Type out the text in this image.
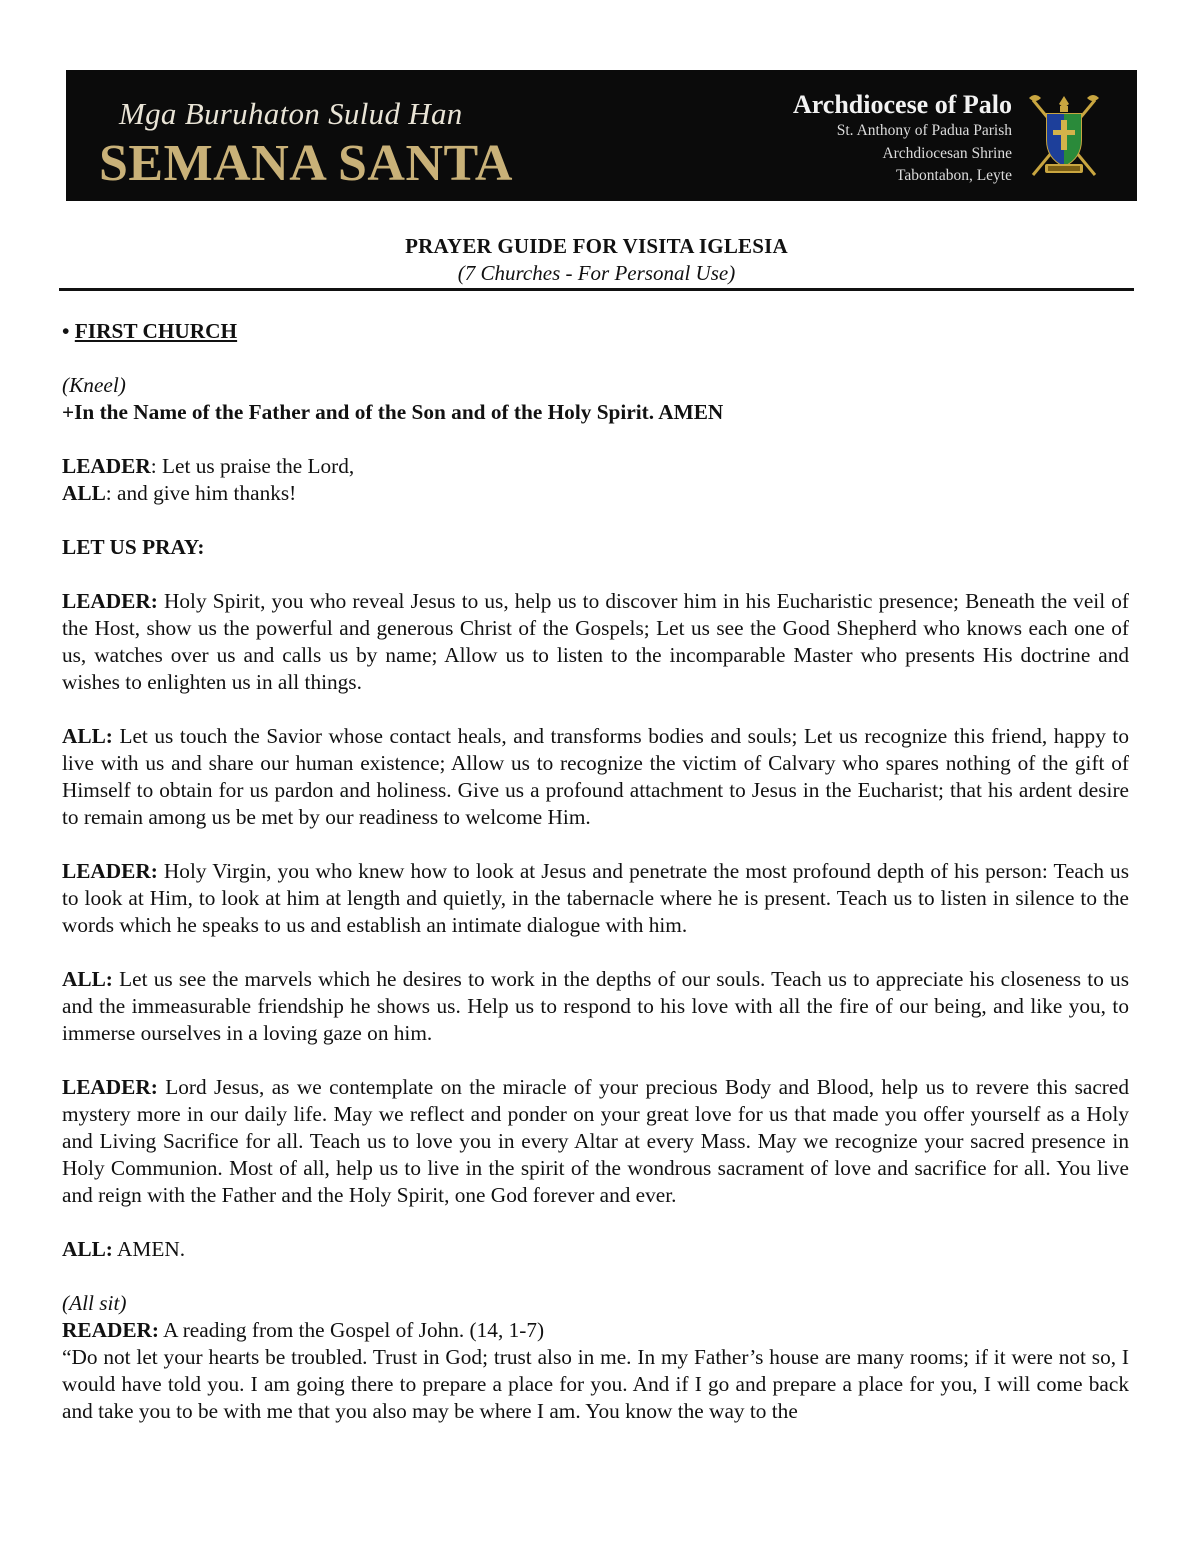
Mga Buruhaton Sulud Han
SEMANA SANTA
Archdiocese of Palo
St. Anthony of Padua Parish
Archdiocesan Shrine
Tabontabon, Leyte
PRAYER GUIDE FOR VISITA IGLESIA
(7 Churches - For Personal Use)

• FIRST CHURCH

(Kneel)
+In the Name of the Father and of the Son and of the Holy Spirit. AMEN

LEADER: Let us praise the Lord,
ALL: and give him thanks!

LET US PRAY:

LEADER: Holy Spirit, you who reveal Jesus to us, help us to discover him in his Eucharistic presence; Beneath the veil of the Host, show us the powerful and generous Christ of the Gospels; Let us see the Good Shepherd who knows each one of us, watches over us and calls us by name; Allow us to listen to the incomparable Master who presents His doctrine and wishes to enlighten us in all things.

ALL: Let us touch the Savior whose contact heals, and transforms bodies and souls; Let us recognize this friend, happy to live with us and share our human existence; Allow us to recognize the victim of Calvary who spares nothing of the gift of Himself to obtain for us pardon and holiness. Give us a profound attachment to Jesus in the Eucharist; that his ardent desire to remain among us be met by our readiness to welcome Him.

LEADER: Holy Virgin, you who knew how to look at Jesus and penetrate the most profound depth of his person: Teach us to look at Him, to look at him at length and quietly, in the tabernacle where he is present. Teach us to listen in silence to the words which he speaks to us and establish an intimate dialogue with him.

ALL: Let us see the marvels which he desires to work in the depths of our souls. Teach us to appreciate his closeness to us and the immeasurable friendship he shows us. Help us to respond to his love with all the fire of our being, and like you, to immerse ourselves in a loving gaze on him.

LEADER: Lord Jesus, as we contemplate on the miracle of your precious Body and Blood, help us to revere this sacred mystery more in our daily life. May we reflect and ponder on your great love for us that made you offer yourself as a Holy and Living Sacrifice for all. Teach us to love you in every Altar at every Mass. May we recognize your sacred presence in Holy Communion. Most of all, help us to live in the spirit of the wondrous sacrament of love and sacrifice for all. You live and reign with the Father and the Holy Spirit, one God forever and ever.

ALL: AMEN.

(All sit)
READER: A reading from the Gospel of John. (14, 1-7)
“Do not let your hearts be troubled. Trust in God; trust also in me. In my Father’s house are many rooms; if it were not so, I would have told you. I am going there to prepare a place for you. And if I go and prepare a place for you, I will come back and take you to be with me that you also may be where I am. You know the way to the
